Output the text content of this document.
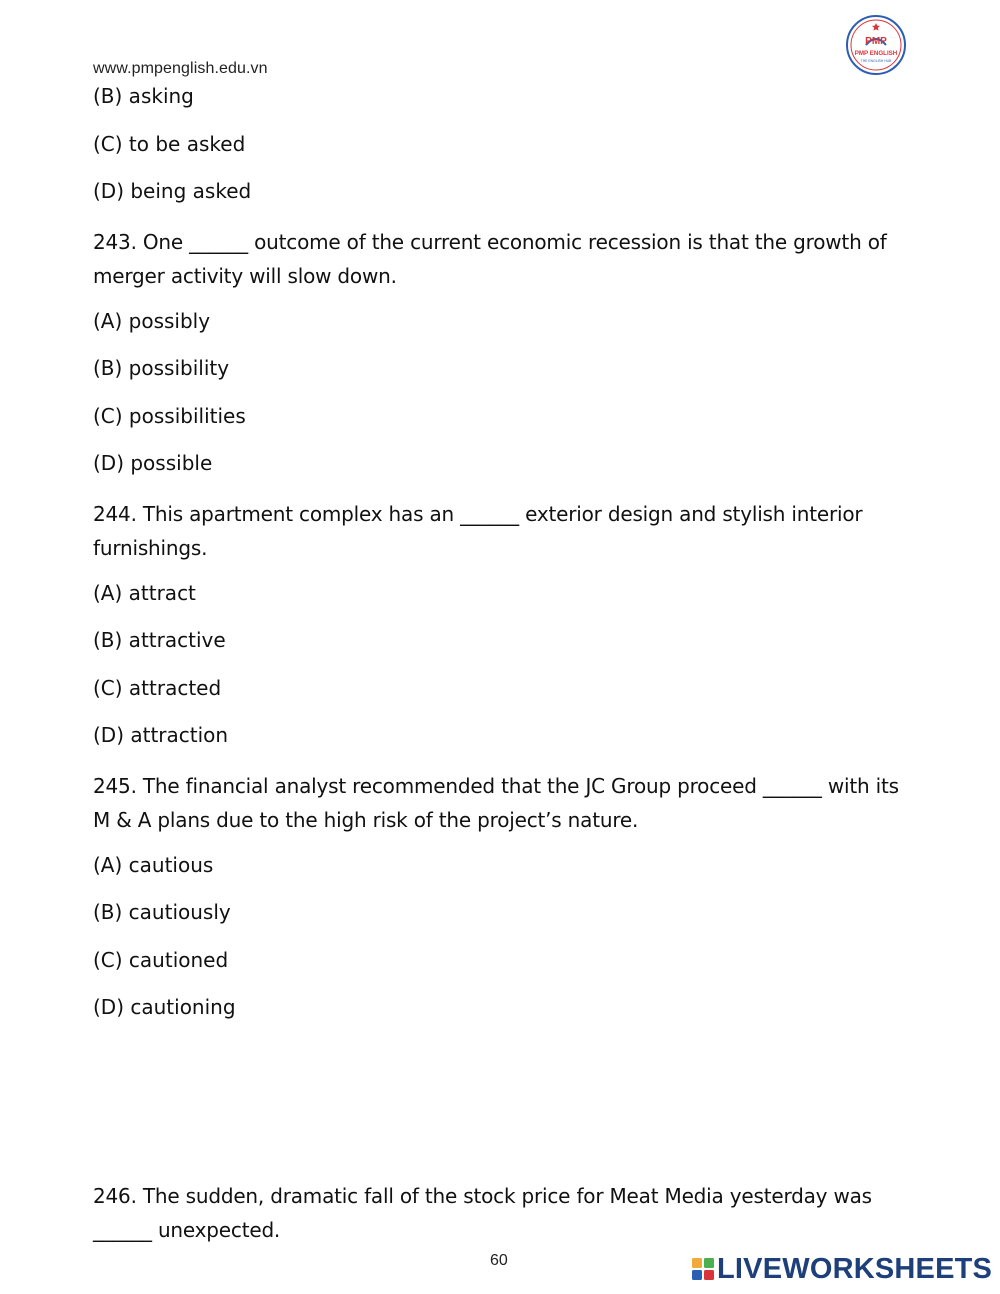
www.pmpenglish.edu.vn
PMP
PMP ENGLISH
THE ENGLISH HUB
(B) asking
(C) to be asked
(D) being asked
243. One ______ outcome of the current economic recession is that the growth of merger activity will slow down.
(A) possibly
(B) possibility
(C) possibilities
(D) possible
244. This apartment complex has an ______ exterior design and stylish interior furnishings.
(A) attract
(B) attractive
(C) attracted
(D) attraction
245. The financial analyst recommended that the JC Group proceed ______ with its M & A plans due to the high risk of the project’s nature.
(A) cautious
(B) cautiously
(C) cautioned
(D) cautioning
246. The sudden, dramatic fall of the stock price for Meat Media yesterday was ______ unexpected.
60	LIVEWORKSHEETS
